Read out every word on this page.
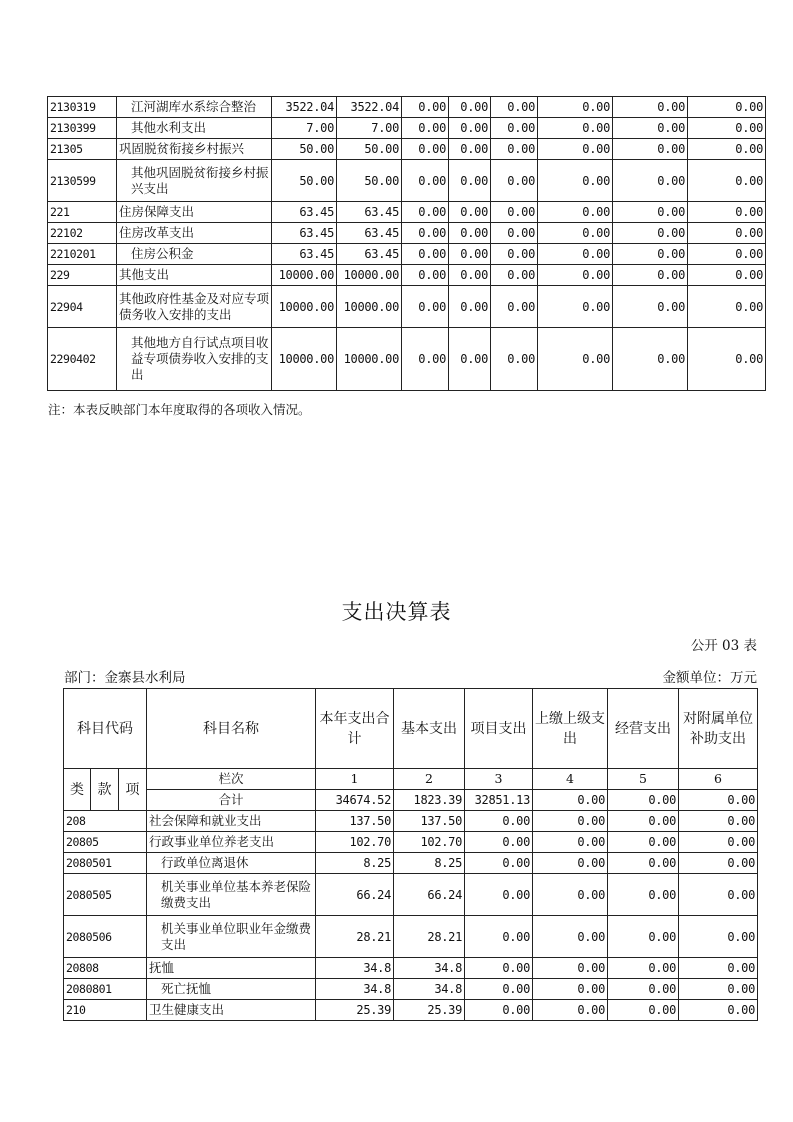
2130319	江河湖库水系综合整治	3522.04	3522.04	0.00	0.00	0.00	0.00	0.00	0.00
2130399	其他水利支出	7.00	7.00	0.00	0.00	0.00	0.00	0.00	0.00
21305	巩固脱贫衔接乡村振兴	50.00	50.00	0.00	0.00	0.00	0.00	0.00	0.00
2130599	其他巩固脱贫衔接乡村振兴支出	50.00	50.00	0.00	0.00	0.00	0.00	0.00	0.00
221	住房保障支出	63.45	63.45	0.00	0.00	0.00	0.00	0.00	0.00
22102	住房改革支出	63.45	63.45	0.00	0.00	0.00	0.00	0.00	0.00
2210201	住房公积金	63.45	63.45	0.00	0.00	0.00	0.00	0.00	0.00
229	其他支出	10000.00	10000.00	0.00	0.00	0.00	0.00	0.00	0.00
22904	其他政府性基金及对应专项债务收入安排的支出	10000.00	10000.00	0.00	0.00	0.00	0.00	0.00	0.00
2290402	其他地方自行试点项目收益专项债券收入安排的支出	10000.00	10000.00	0.00	0.00	0.00	0.00	0.00	0.00
注：本表反映部门本年度取得的各项收入情况。
支出决算表
公开 03 表
部门：金寨县水利局	金额单位：万元
科目代码			科目名称	本年支出合计	基本支出	项目支出	上缴上级支出	经营支出	对附属单位补助支出
类	款	项	栏次	1	2	3	4	5	6
			合计	34674.52	1823.39	32851.13	0.00	0.00	0.00
208			社会保障和就业支出	137.50	137.50	0.00	0.00	0.00	0.00
20805			行政事业单位养老支出	102.70	102.70	0.00	0.00	0.00	0.00
2080501			行政单位离退休	8.25	8.25	0.00	0.00	0.00	0.00
2080505			机关事业单位基本养老保险缴费支出	66.24	66.24	0.00	0.00	0.00	0.00
2080506			机关事业单位职业年金缴费支出	28.21	28.21	0.00	0.00	0.00	0.00
20808			抚恤	34.8	34.8	0.00	0.00	0.00	0.00
2080801			死亡抚恤	34.8	34.8	0.00	0.00	0.00	0.00
210			卫生健康支出	25.39	25.39	0.00	0.00	0.00	0.00
